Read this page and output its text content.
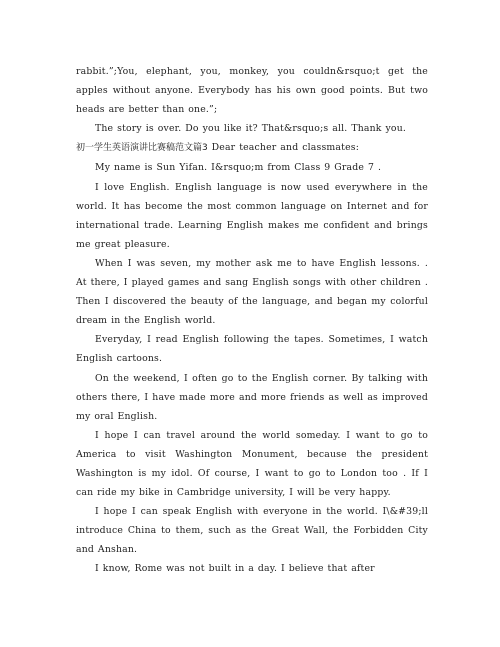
rabbit.”;You, elephant, you, monkey, you couldn&rsquo;t get the apples without anyone. Everybody has his own good points. But two heads are better than one.”;

The story is over. Do you like it? That&rsquo;s all. Thank you.

初一学生英语演讲比赛稿范文篇3 Dear teacher and classmates:

My name is Sun Yifan. I&rsquo;m from Class 9 Grade 7 .

I love English. English language is now used everywhere in the world. It has become the most common language on Internet and for international trade. Learning English makes me confident and brings me great pleasure.

When I was seven, my mother ask me to have English lessons. . At there, I played games and sang English songs with other children . Then I discovered the beauty of the language, and began my colorful dream in the English world.

Everyday, I read English following the tapes. Sometimes, I watch English cartoons.

On the weekend, I often go to the English corner. By talking with others there, I have made more and more friends as well as improved my oral English.

I hope I can travel around the world someday. I want to go to America to visit Washington Monument, because the president Washington is my idol. Of course, I want to go to London too . If I can ride my bike in Cambridge university, I will be very happy.

I hope I can speak English with everyone in the world. I\&#39;ll introduce China to them, such as the Great Wall, the Forbidden City and Anshan.

I know, Rome was not built in a day. I believe that after
